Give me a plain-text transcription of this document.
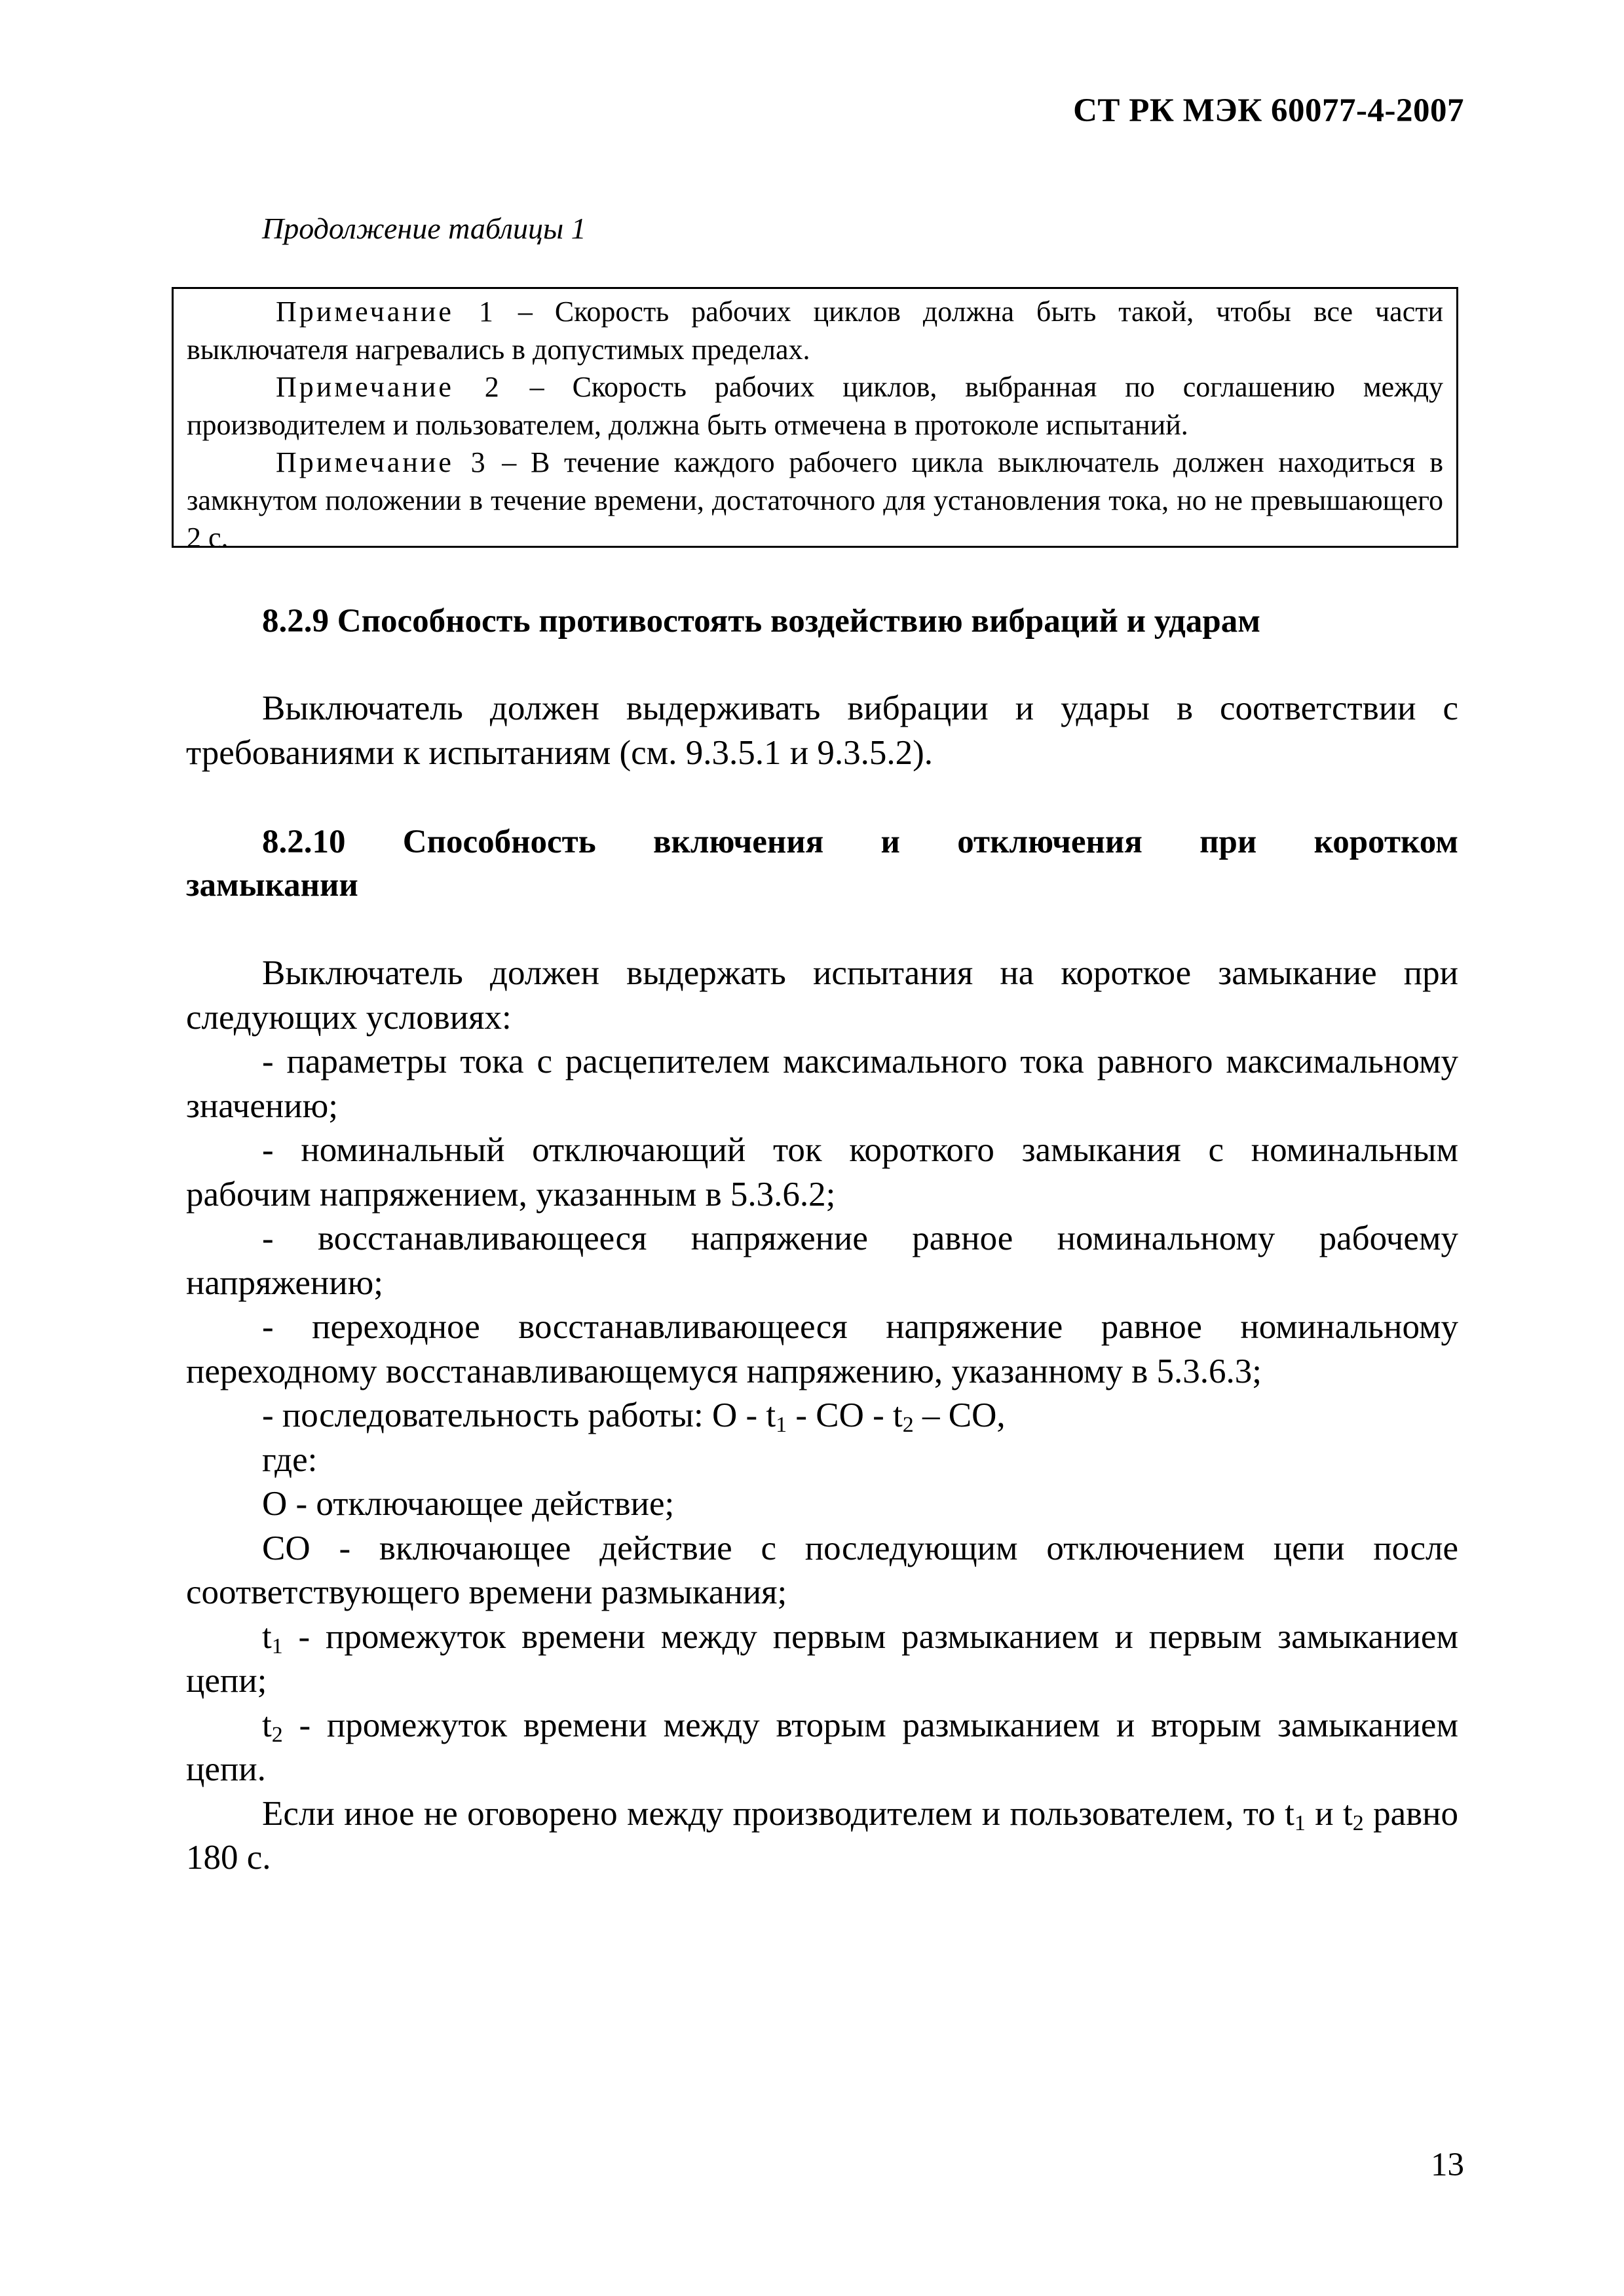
СТ РК МЭК 60077-4-2007
Продолжение таблицы 1

Примечание 1 – Скорость рабочих циклов должна быть такой, чтобы все части выключателя нагревались в допустимых пределах.

Примечание 2 – Скорость рабочих циклов, выбранная по соглашению между производителем и пользователем, должна быть отмечена в протоколе испытаний.

Примечание 3 – В течение каждого рабочего цикла выключатель должен находиться в замкнутом положении в течение времени, достаточного для установления тока, но не превышающего 2 с.

8.2.9 Способность противостоять воздействию вибраций и ударам

Выключатель должен выдерживать вибрации и удары в соответствии с требованиями к испытаниям (см. 9.3.5.1 и 9.3.5.2).

8.2.10 Способность включения и отключения при коротком
замыкании

Выключатель должен выдержать испытания на короткое замыкание при следующих условиях:

- параметры тока с расцепителем максимального тока равного максимальному значению;

- номинальный отключающий ток короткого замыкания с номинальным рабочим напряжением, указанным в 5.3.6.2;

- восстанавливающееся напряжение равное номинальному рабочему напряжению;

- переходное восстанавливающееся напряжение равное номинальному переходному восстанавливающемуся напряжению, указанному в 5.3.6.3;

- последовательность работы: О - $t_1$ - CO - $t_2$ – CO,

где:

О - отключающее действие;

CO - включающее действие с последующим отключением цепи после соответствующего времени размыкания;

$t_1$ - промежуток времени между первым размыканием и первым замыканием цепи;

$t_2$ - промежуток времени между вторым размыканием и вторым замыканием цепи.

Если иное не оговорено между производителем и пользователем, то $t_1$ и $t_2$ равно 180 с.

13
